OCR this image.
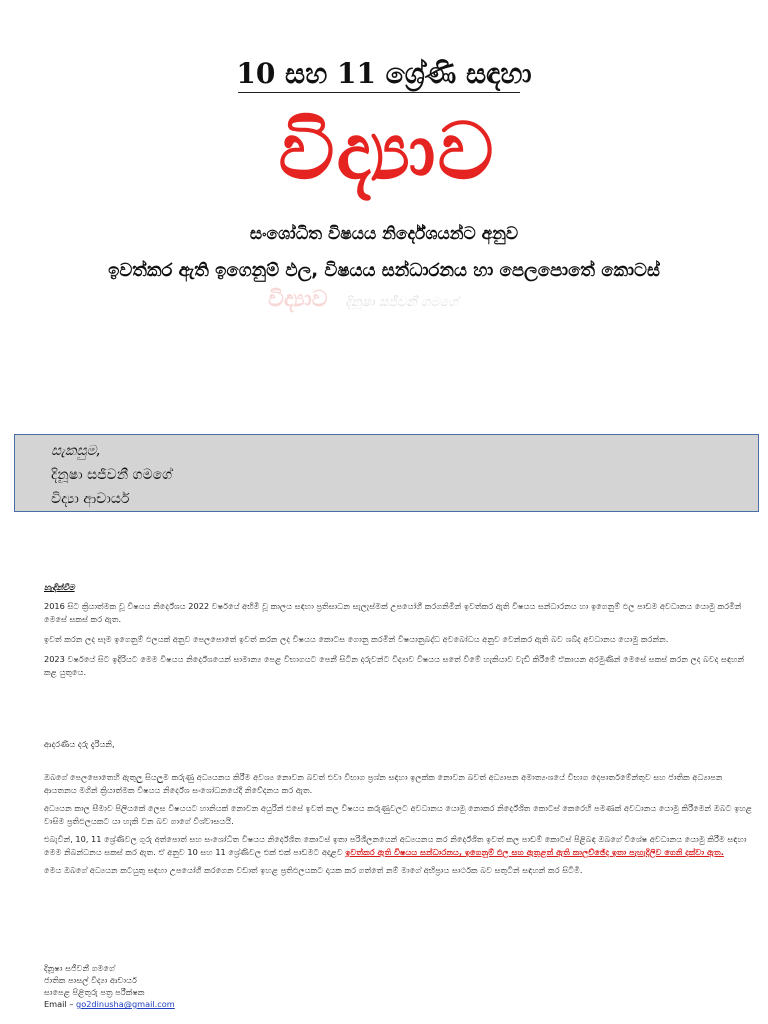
10 සහ 11 ශ්‍රේණි සඳහා
විද්‍යාව
සංශෝධිත විෂයය නිර්දේශයන්ට අනුව
ඉවත්කර ඇති ඉගෙනුම් ඵල, විෂයය සන්ධාරනය හා පෙලපොතේ කොටස්
විද්‍යාව දිනූෂා සජීවනී ගමගේ
සැකසුම,
දිනූෂා සජීවනී ගමගේ
විද්‍යා ආචාර්ය
හැඳින්වීම

2016 සිට ක්‍රියාත්මක වූ විෂයය නිර්දේශය 2022 වර්ෂයේ අභිමි වූ කාලය සඳහා ප්‍රතිසාධන සැලැස්මක් උපයෝගී කරගනිමින් ඉවත්කර ඇති විෂයය සන්ධාරනය හා ඉගෙනුම් ඵල පාඩම අවධානය යොමු කරමින් මෙසේ සකස් කර ඇත.

ඉවත් කරන ලද සෑම ඉගෙනුම් ඵලයක් අනුව පෙලපොතේ ඉවත් කරන ලද විෂයය කොටස ගොනු කරමින් විෂයානුබද්ධ අවබෝධය අනුව වෙන්කර ඇති බව ශබ්ද අවධානය යොමු කරන්න.

2023 වර්ෂයේ සිට ඉදිරියට මෙම විෂයය නිර්දේශයෙන් සාමාන්‍ය පෙළ විභාගයට පෙනී සිටින දරුවන්ට විද්‍යාව විෂයය සතේ විමේ හැකියාව වැඩි කිරීමේ ඒකායන අරමුණින් මෙසේ සකස් කරන ලද බවද සඳහන් කළ යුතුයෙ.

ආදරණීය දරු දැරියනි,

ඔබගේ පෙලපොතෙහි ඇතුලු සියලුම කරුණු අධ්‍යයනය කිරීම අවශ්‍ය නොවන බවත් එවා විභාග ප්‍රශ්න සඳහා ඉලක්ක නොවන බවත් අධ්‍යාපන අමාත්‍යංශයේ විභාග දෙපාර්තමේන්තුව සහ ජාතික අධ්‍යාපන ආයතනය මගින් ක්‍රියාත්මක විෂයය නිර්දේශ සංශෝධනයේදී නිවේදනය කර ඇත.

අධ්‍යයන කාල සීමාව පිලියකේ ලෙස විෂයයට හානියක් නොවන අයුරින් එසේ ඉවත් කල විෂයය කරුණුවලට අවධානය යොමු නොකර නිර්දේශිත කොටස් කෙරෙහි පමණක් අවධානය යොමු කිරීමෙන් ඔබට ඉහළ වාසිම ප්‍රතිඵලයකට යා හැකි වන බව ගාගේ විශ්වාසයයි.

එබැවින්, 10, 11 ශ්‍රේණිවල ගුරු අත්පොත් සහ සංශෝධිත විෂයය නිර්දේශිත කොටස් ඉතා පරිශීලනයෙන් අධ්‍යයනය කර නිර්දේශිත ඉවත් කල පාඩම් කොටස් පිළිබඳ ඔබගේ විශේෂ අවධානය යොමු කිරීම සඳහා මෙම නිබන්ධනය සකස් කර ඇත. ඒ අනුව 10 සහ 11 ශ්‍රේණිවල එක් එක් පාඩමට අදාළව ඉවත්කර ඇති විෂයය සන්ධාරනය, ඉගෙනුම් ඵල සහ ඇතුළත් ඇති කාලච්ඡේද ඉතා පැහැදිලිව ගෙනි දක්වා ඇත.

මෙය ඔබගේ අධ්‍යයන කටයුතු සඳහා උපයෝගී කරගෙන වඩාත් ඉහළ ප්‍රතිඵලයකට දායක කර ගත්තේ නම් මාගේ අභිප්‍රාය සාර්ථක බව සතුටින් සඳහන් කර සිටිමි.

දිනූෂා සජීවනී ගමගේ
ජාතික පාසල් විද්‍යා ආචාර්ය
සාපෙළ පිළිතුරු පත්‍ර පරීක්ෂක
Email – go2dinusha@gmail.com
